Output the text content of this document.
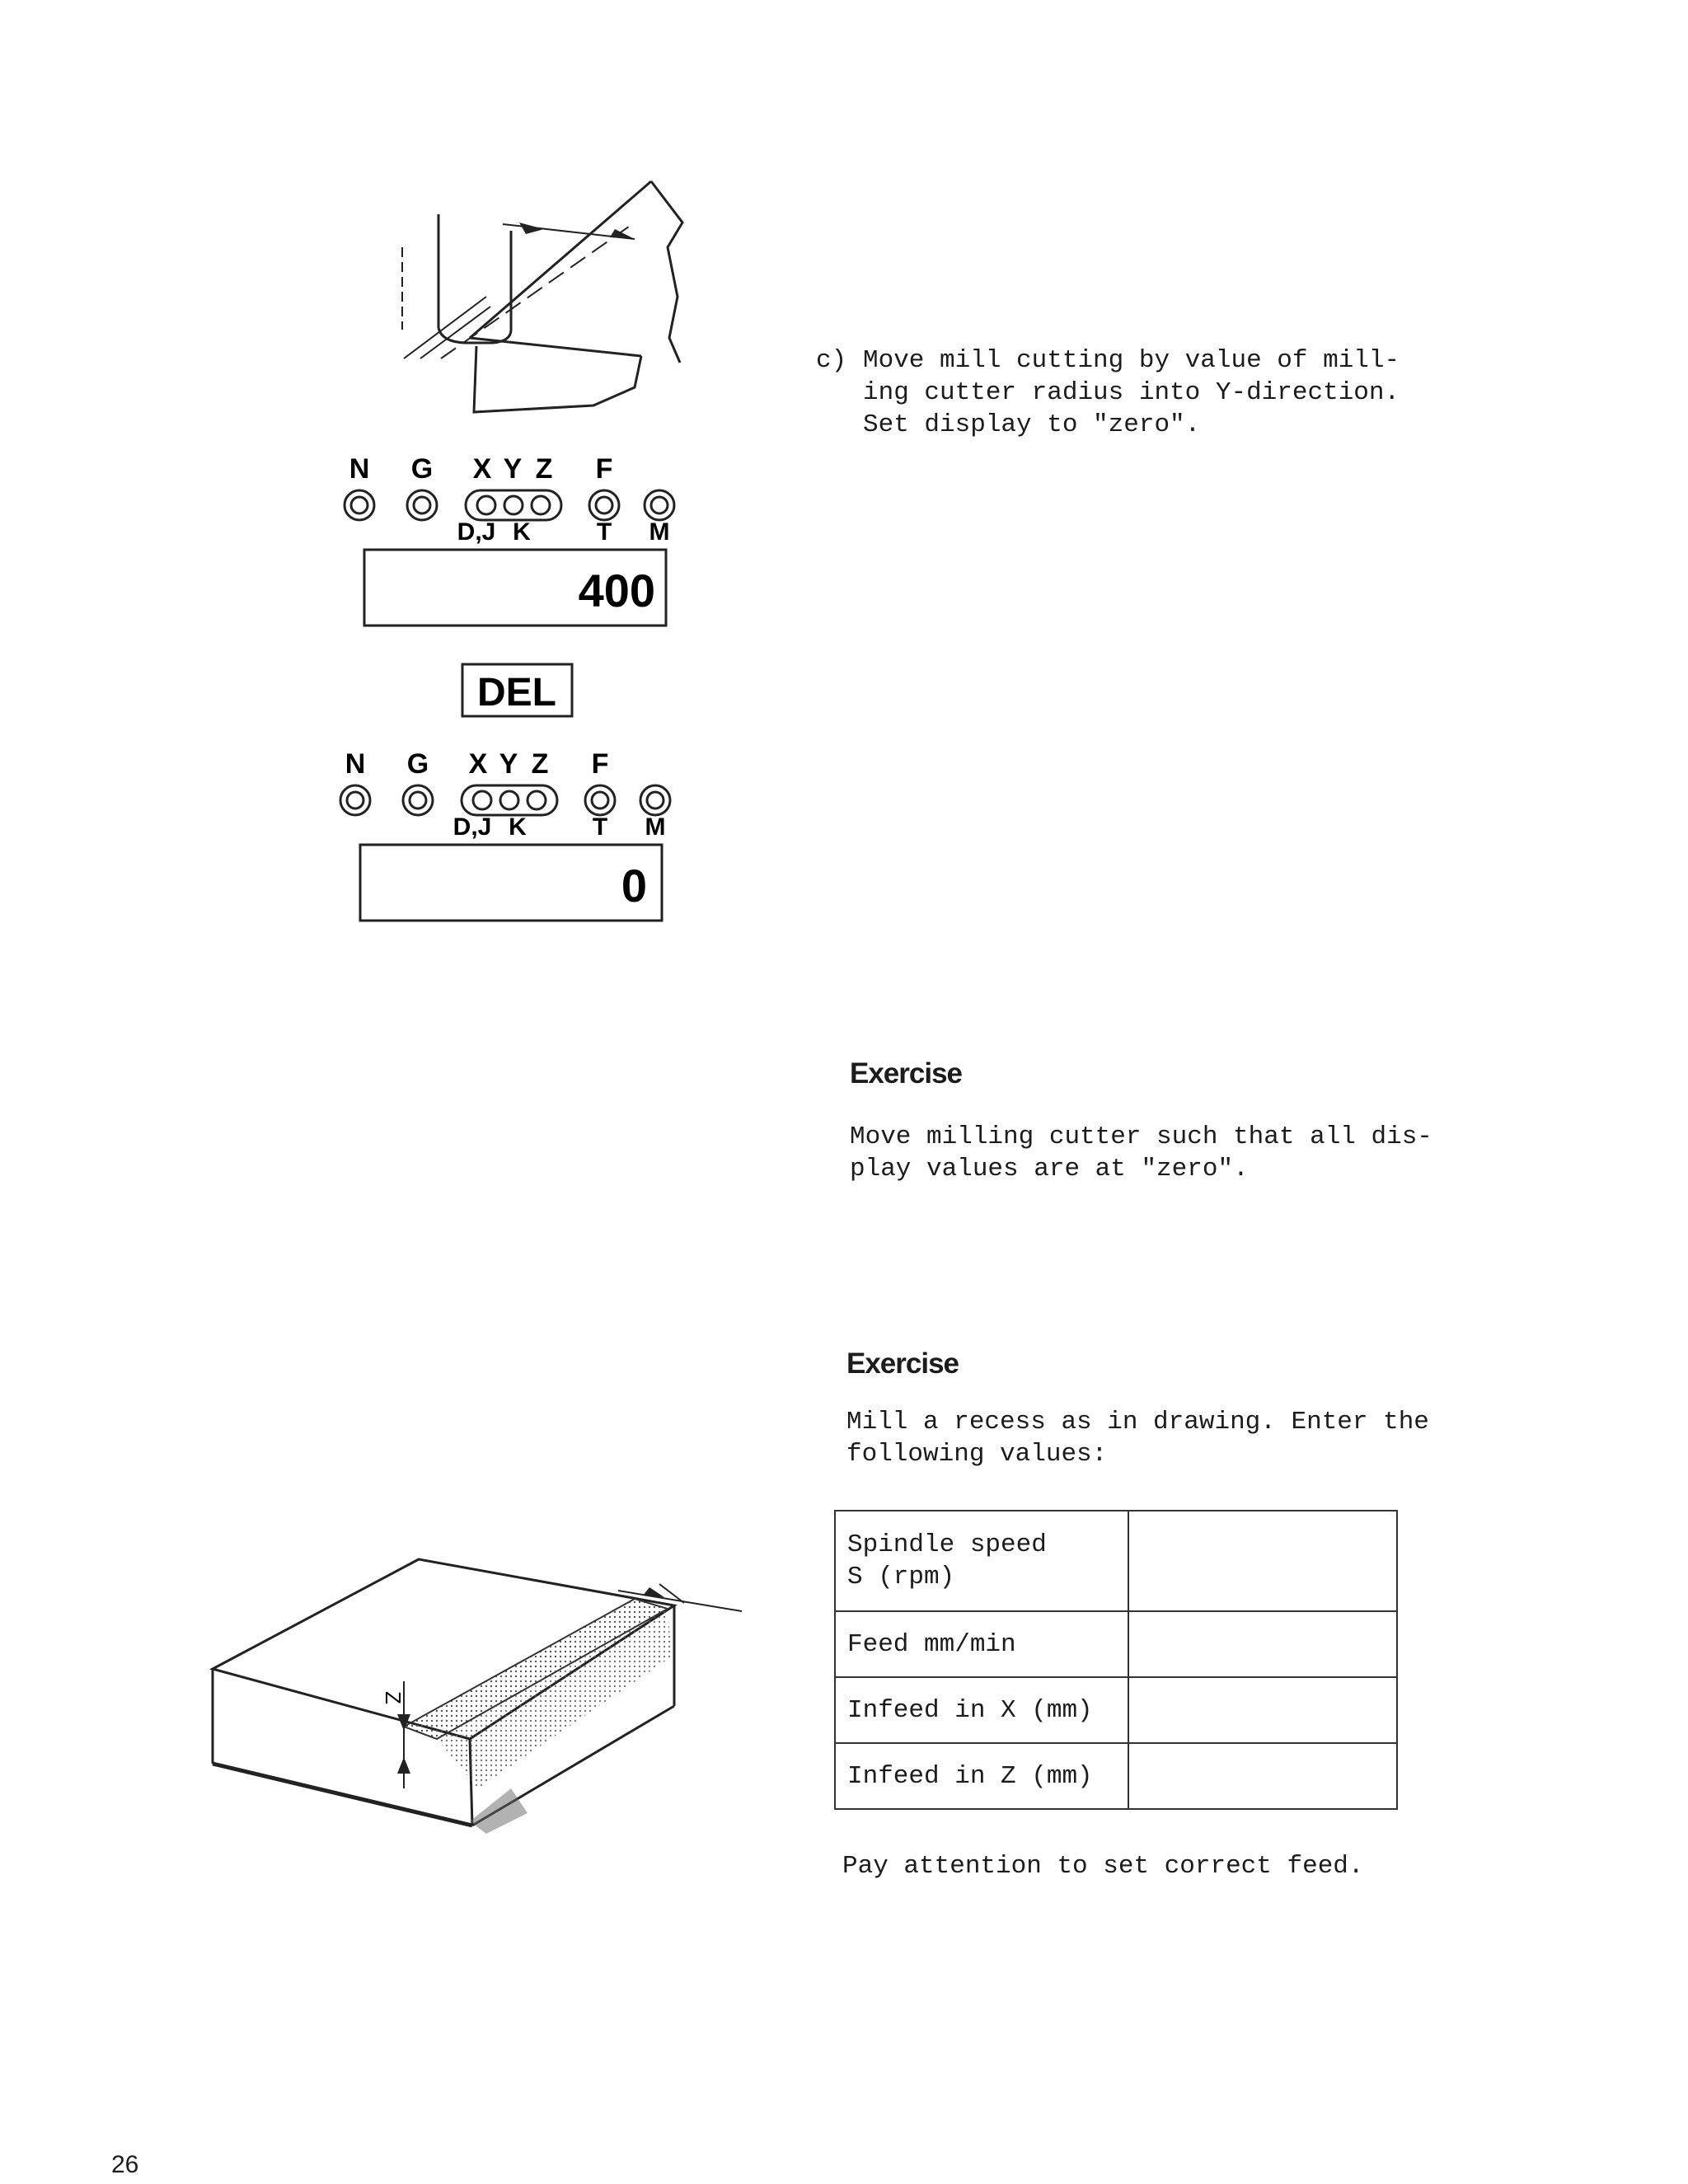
N G X Y Z F
D,J K	T M
400
DEL
N G X Y Z F
D,J K	T M
0
c) Move mill cutting by value of mill-
ing cutter radius into Y-direction.
Set display to "zero".
Exercise
Move milling cutter such that all dis-
play values are at "zero".
Exercise
Mill a recess as in drawing. Enter the
following values:
Spindle speed
S (rpm)	
Feed mm/min	
Infeed in X (mm)	
Infeed in Z (mm)	
Pay attention to set correct feed.
Z
26
